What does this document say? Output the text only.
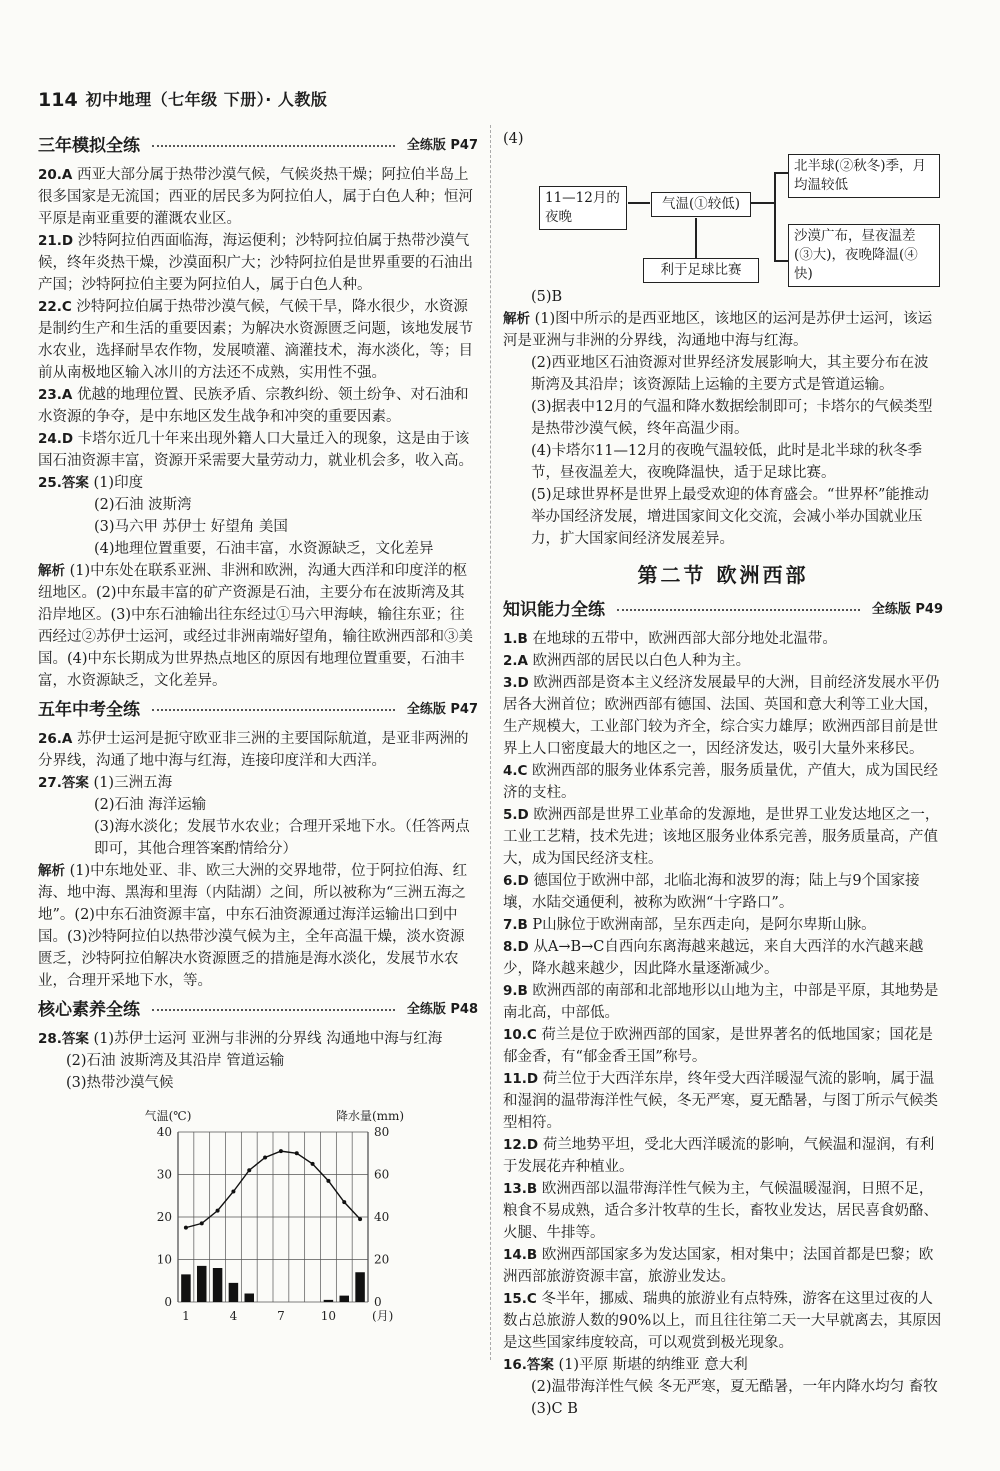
114 初中地理（七年级 下册）· 人教版
三年模拟全练	全练版 P47

20.A 西亚大部分属于热带沙漠气候，气候炎热干燥；阿拉伯半岛上很多国家是无流国；西亚的居民多为阿拉伯人，属于白色人种；恒河平原是南亚重要的灌溉农业区。

21.D 沙特阿拉伯西面临海，海运便利；沙特阿拉伯属于热带沙漠气候，终年炎热干燥，沙漠面积广大；沙特阿拉伯是世界重要的石油出产国；沙特阿拉伯主要为阿拉伯人，属于白色人种。

22.C 沙特阿拉伯属于热带沙漠气候，气候干旱，降水很少，水资源是制约生产和生活的重要因素；为解决水资源匮乏问题，该地发展节水农业，选择耐旱农作物，发展喷灌、滴灌技术，海水淡化，等；目前从南极地区输入冰川的方法还不成熟，实用性不强。

23.A 优越的地理位置、民族矛盾、宗教纠纷、领土纷争、对石油和水资源的争夺，是中东地区发生战争和冲突的重要因素。

24.D 卡塔尔近几十年来出现外籍人口大量迁入的现象，这是由于该国石油资源丰富，资源开采需要大量劳动力，就业机会多，收入高。

25.答案 (1)印度

(2)石油 波斯湾

(3)马六甲 苏伊士 好望角 美国

(4)地理位置重要，石油丰富，水资源缺乏，文化差异

解析 (1)中东处在联系亚洲、非洲和欧洲，沟通大西洋和印度洋的枢纽地区。(2)中东最丰富的矿产资源是石油，主要分布在波斯湾及其沿岸地区。(3)中东石油输出往东经过①马六甲海峡，输往东亚；往西经过②苏伊士运河，或经过非洲南端好望角，输往欧洲西部和③美国。(4)中东长期成为世界热点地区的原因有地理位置重要，石油丰富，水资源缺乏，文化差异。

五年中考全练	全练版 P47

26.A 苏伊士运河是扼守欧亚非三洲的主要国际航道，是亚非两洲的分界线，沟通了地中海与红海，连接印度洋和大西洋。

27.答案 (1)三洲五海

(2)石油 海洋运输

(3)海水淡化；发展节水农业；合理开采地下水。（任答两点即可，其他合理答案酌情给分）

解析 (1)中东地处亚、非、欧三大洲的交界地带，位于阿拉伯海、红海、地中海、黑海和里海（内陆湖）之间，所以被称为“三洲五海之地”。(2)中东石油资源丰富，中东石油资源通过海洋运输出口到中国。(3)沙特阿拉伯以热带沙漠气候为主，全年高温干燥，淡水资源匮乏，沙特阿拉伯解决水资源匮乏的措施是海水淡化，发展节水农业，合理开采地下水，等。

核心素养全练	全练版 P48

28.答案 (1)苏伊士运河 亚洲与非洲的分界线 沟通地中海与红海

(2)石油 波斯湾及其沿岸 管道运输

(3)热带沙漠气候

0
10
20
30
40
0
20
40
60
80
气温(℃)	降水量(mm)
1	4	7	10	(月)

(4)

11—12月的夜晚
气温(①较低)
利于足球比赛
北半球(②秋冬)季，月均温较低
沙漠广布，昼夜温差(③大)，夜晚降温(④快)

(5)B

解析 (1)图中所示的是西亚地区，该地区的运河是苏伊士运河，该运河是亚洲与非洲的分界线，沟通地中海与红海。

(2)西亚地区石油资源对世界经济发展影响大，其主要分布在波斯湾及其沿岸；该资源陆上运输的主要方式是管道运输。

(3)据表中12月的气温和降水数据绘制即可；卡塔尔的气候类型是热带沙漠气候，终年高温少雨。

(4)卡塔尔11—12月的夜晚气温较低，此时是北半球的秋冬季节，昼夜温差大，夜晚降温快，适于足球比赛。

(5)足球世界杯是世界上最受欢迎的体育盛会。“世界杯”能推动举办国经济发展，增进国家间文化交流，会减小举办国就业压力，扩大国家间经济发展差异。

第二节 欧洲西部
知识能力全练	全练版 P49

1.B 在地球的五带中，欧洲西部大部分地处北温带。

2.A 欧洲西部的居民以白色人种为主。

3.D 欧洲西部是资本主义经济发展最早的大洲，目前经济发展水平仍居各大洲首位；欧洲西部有德国、法国、英国和意大利等工业大国，生产规模大，工业部门较为齐全，综合实力雄厚；欧洲西部目前是世界上人口密度最大的地区之一，因经济发达，吸引大量外来移民。

4.C 欧洲西部的服务业体系完善，服务质量优，产值大，成为国民经济的支柱。

5.D 欧洲西部是世界工业革命的发源地，是世界工业发达地区之一，工业工艺精，技术先进；该地区服务业体系完善，服务质量高，产值大，成为国民经济支柱。

6.D 德国位于欧洲中部，北临北海和波罗的海；陆上与9个国家接壤，水陆交通便利，被称为欧洲“十字路口”。

7.B P山脉位于欧洲南部，呈东西走向，是阿尔卑斯山脉。

8.D 从A→B→C自西向东离海越来越远，来自大西洋的水汽越来越少，降水越来越少，因此降水量逐渐减少。

9.B 欧洲西部的南部和北部地形以山地为主，中部是平原，其地势是南北高，中部低。

10.C 荷兰是位于欧洲西部的国家，是世界著名的低地国家；国花是郁金香，有“郁金香王国”称号。

11.D 荷兰位于大西洋东岸，终年受大西洋暖湿气流的影响，属于温和湿润的温带海洋性气候，冬无严寒，夏无酷暑，与图丁所示气候类型相符。

12.D 荷兰地势平坦，受北大西洋暖流的影响，气候温和湿润，有利于发展花卉种植业。

13.B 欧洲西部以温带海洋性气候为主，气候温暖湿润，日照不足，粮食不易成熟，适合多汁牧草的生长，畜牧业发达，居民喜食奶酪、火腿、牛排等。

14.B 欧洲西部国家多为发达国家，相对集中；法国首都是巴黎；欧洲西部旅游资源丰富，旅游业发达。

15.C 冬半年，挪威、瑞典的旅游业有点特殊，游客在这里过夜的人数占总旅游人数的90%以上，而且往往第二天一大早就离去，其原因是这些国家纬度较高，可以观赏到极光现象。

16.答案 (1)平原 斯堪的纳维亚 意大利

(2)温带海洋性气候 冬无严寒，夏无酷暑，一年内降水均匀 畜牧

(3)C B
